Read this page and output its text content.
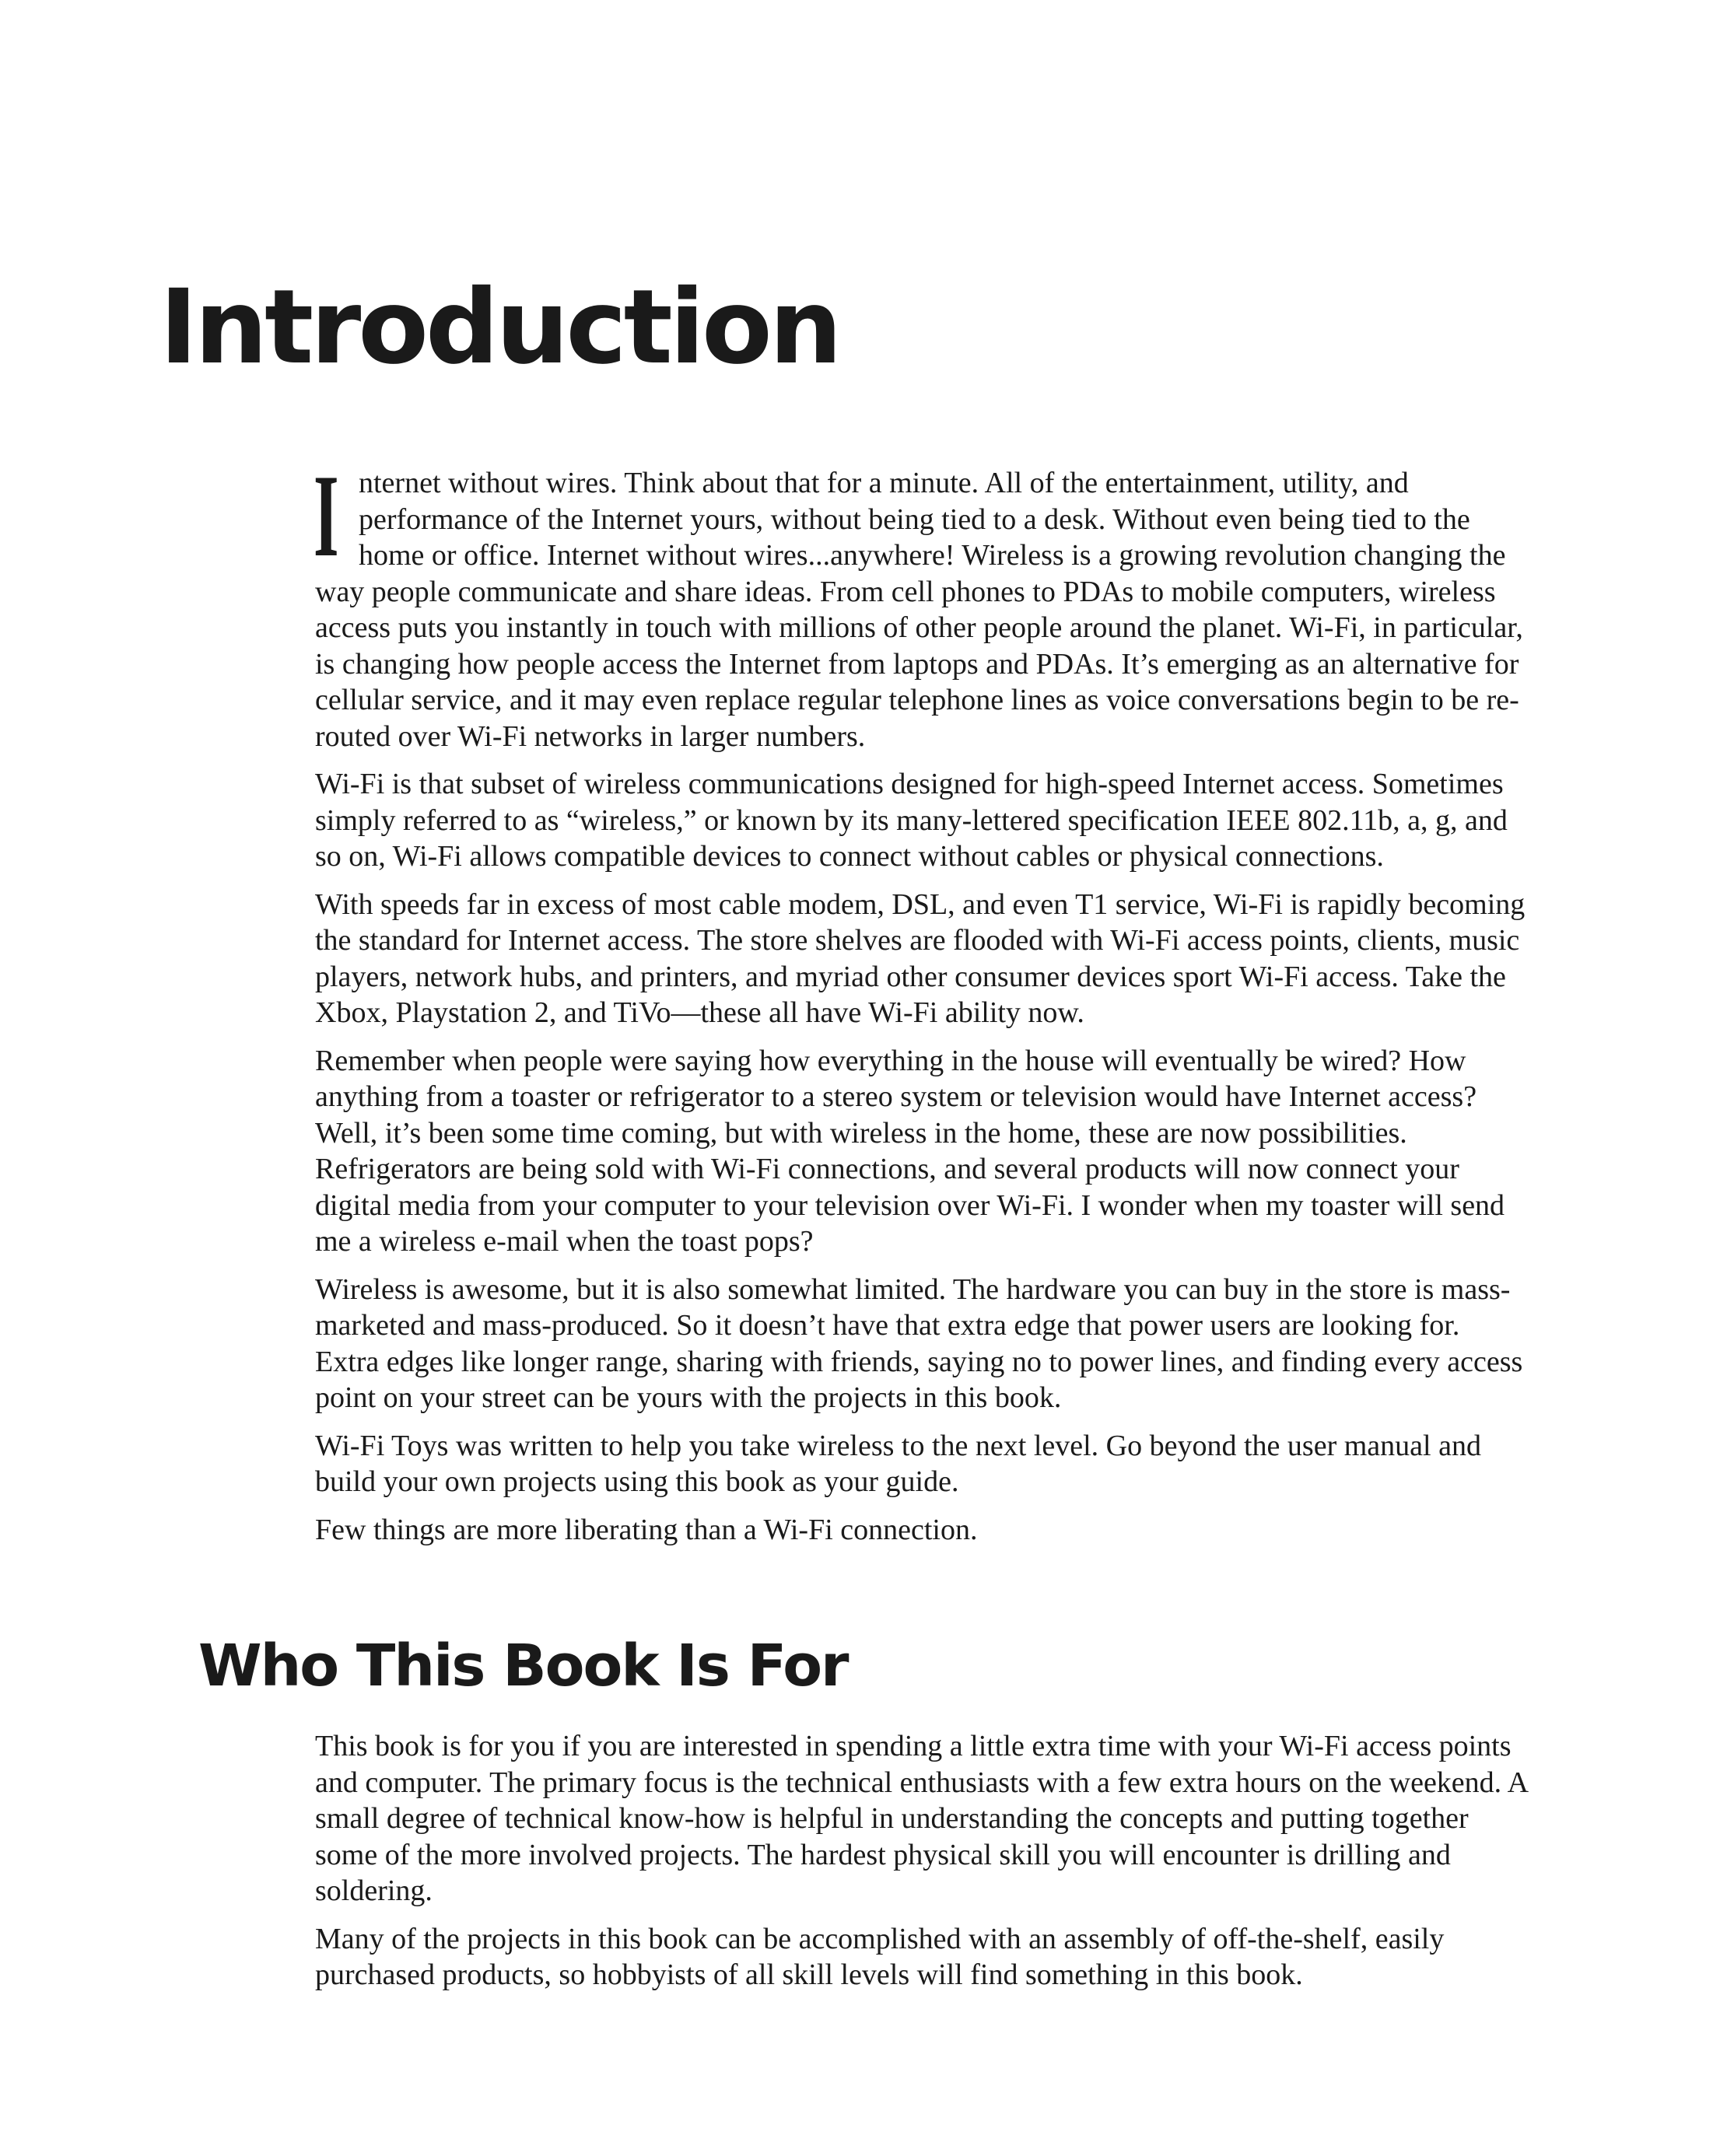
Introduction

Internet without wires. Think about that for a minute. All of the entertainment, utility, and performance of the Internet yours, without being tied to a desk. Without even being tied to the home or office. Internet without wires...anywhere! Wireless is a growing revolution changing the way people communicate and share ideas. From cell phones to PDAs to mobile computers, wireless access puts you instantly in touch with millions of other people around the planet. Wi-Fi, in particular, is changing how people access the Internet from laptops and PDAs. It’s emerging as an alternative for cellular service, and it may even replace regular telephone lines as voice conversations begin to be re-routed over Wi-Fi networks in larger numbers.

Wi-Fi is that subset of wireless communications designed for high-speed Internet access. Sometimes simply referred to as “wireless,” or known by its many-lettered specification IEEE 802.11b, a, g, and so on, Wi-Fi allows compatible devices to connect without cables or physical connections.

With speeds far in excess of most cable modem, DSL, and even T1 service, Wi-Fi is rapidly becoming the standard for Internet access. The store shelves are flooded with Wi-Fi access points, clients, music players, network hubs, and printers, and myriad other consumer devices sport Wi-Fi access. Take the Xbox, Playstation 2, and TiVo—these all have Wi-Fi ability now.

Remember when people were saying how everything in the house will eventually be wired? How anything from a toaster or refrigerator to a stereo system or television would have Internet access? Well, it’s been some time coming, but with wireless in the home, these are now possibilities. Refrigerators are being sold with Wi-Fi connections, and several products will now connect your digital media from your computer to your television over Wi-Fi. I wonder when my toaster will send me a wireless e-mail when the toast pops?

Wireless is awesome, but it is also somewhat limited. The hardware you can buy in the store is mass-marketed and mass-produced. So it doesn’t have that extra edge that power users are looking for. Extra edges like longer range, sharing with friends, saying no to power lines, and finding every access point on your street can be yours with the projects in this book.

Wi-Fi Toys was written to help you take wireless to the next level. Go beyond the user manual and build your own projects using this book as your guide.

Few things are more liberating than a Wi-Fi connection.

Who This Book Is For

This book is for you if you are interested in spending a little extra time with your Wi-Fi access points and computer. The primary focus is the technical enthusiasts with a few extra hours on the weekend. A small degree of technical know-how is helpful in understanding the concepts and putting together some of the more involved projects. The hardest physical skill you will encounter is drilling and soldering.

Many of the projects in this book can be accomplished with an assembly of off-the-shelf, easily purchased products, so hobbyists of all skill levels will find something in this book.
